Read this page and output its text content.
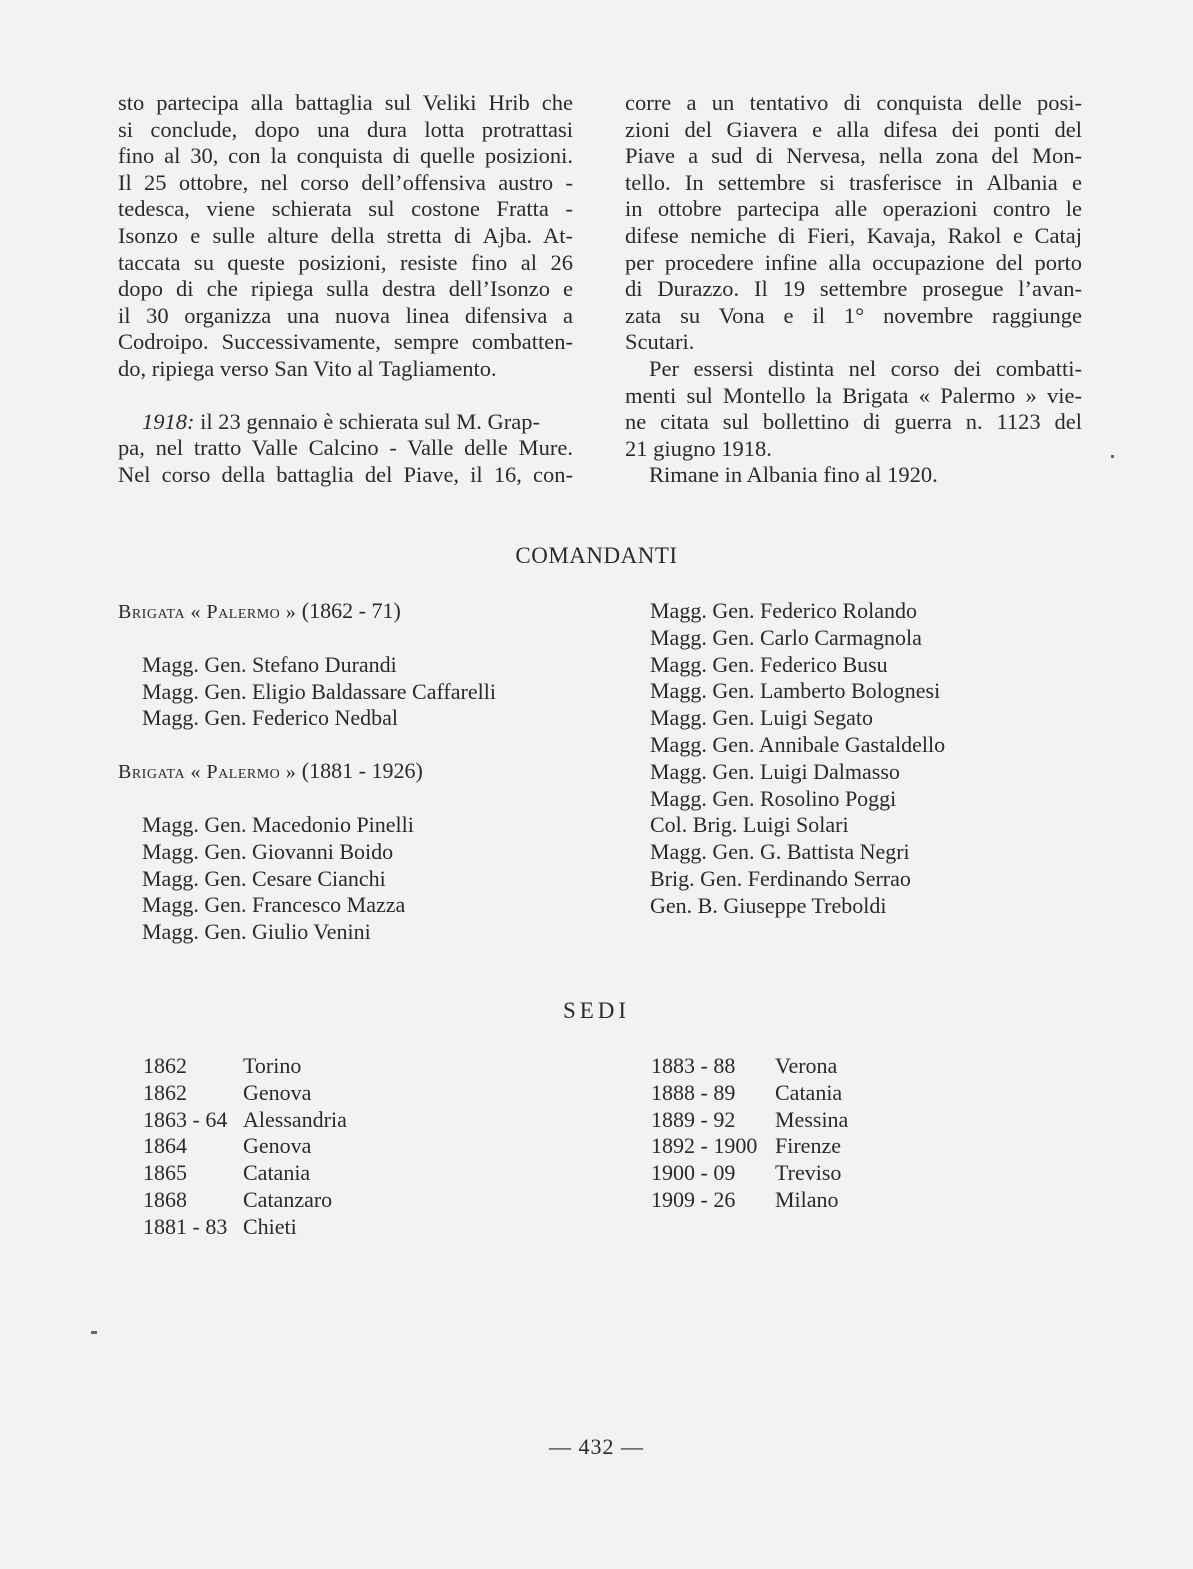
sto partecipa alla battaglia sul Veliki Hrib che
si conclude, dopo una dura lotta protrattasi
fino al 30, con la conquista di quelle posizioni.
Il 25 ottobre, nel corso dell’offensiva austro -
tedesca, viene schierata sul costone Fratta -
Isonzo e sulle alture della stretta di Ajba. At-
taccata su queste posizioni, resiste fino al 26
dopo di che ripiega sulla destra dell’Isonzo e
il 30 organizza una nuova linea difensiva a
Codroipo. Successivamente, sempre combatten-
do, ripiega verso San Vito al Tagliamento.
1918: il 23 gennaio è schierata sul M. Grap-
pa, nel tratto Valle Calcino - Valle delle Mure.
Nel corso della battaglia del Piave, il 16, con-
corre a un tentativo di conquista delle posi-
zioni del Giavera e alla difesa dei ponti del
Piave a sud di Nervesa, nella zona del Mon-
tello. In settembre si trasferisce in Albania e
in ottobre partecipa alle operazioni contro le
difese nemiche di Fieri, Kavaja, Rakol e Cataj
per procedere infine alla occupazione del porto
di Durazzo. Il 19 settembre prosegue l’avan-
zata su Vona e il 1° novembre raggiunge
Scutari.
Per essersi distinta nel corso dei combatti-
menti sul Montello la Brigata « Palermo » vie-
ne citata sul bollettino di guerra n. 1123 del
21 giugno 1918.
Rimane in Albania fino al 1920.
COMANDANTI
Brigata « Palermo » (1862 - 71)
Magg. Gen. Stefano Durandi
Magg. Gen. Eligio Baldassare Caffarelli
Magg. Gen. Federico Nedbal
Brigata « Palermo » (1881 - 1926)
Magg. Gen. Macedonio Pinelli
Magg. Gen. Giovanni Boido
Magg. Gen. Cesare Cianchi
Magg. Gen. Francesco Mazza
Magg. Gen. Giulio Venini
Magg. Gen. Federico Rolando
Magg. Gen. Carlo Carmagnola
Magg. Gen. Federico Busu
Magg. Gen. Lamberto Bolognesi
Magg. Gen. Luigi Segato
Magg. Gen. Annibale Gastaldello
Magg. Gen. Luigi Dalmasso
Magg. Gen. Rosolino Poggi
Col. Brig. Luigi Solari
Magg. Gen. G. Battista Negri
Brig. Gen. Ferdinando Serrao
Gen. B. Giuseppe Treboldi
SEDI
1862	Torino
1862	Genova
1863 - 64 Alessandria
1864	Genova
1865	Catania
1868	Catanzaro
1881 - 83 Chieti
1883 - 88	Verona
1888 - 89	Catania
1889 - 92	Messina
1892 - 1900 Firenze
1900 - 09	Treviso
1909 - 26	Milano
— 432 —
